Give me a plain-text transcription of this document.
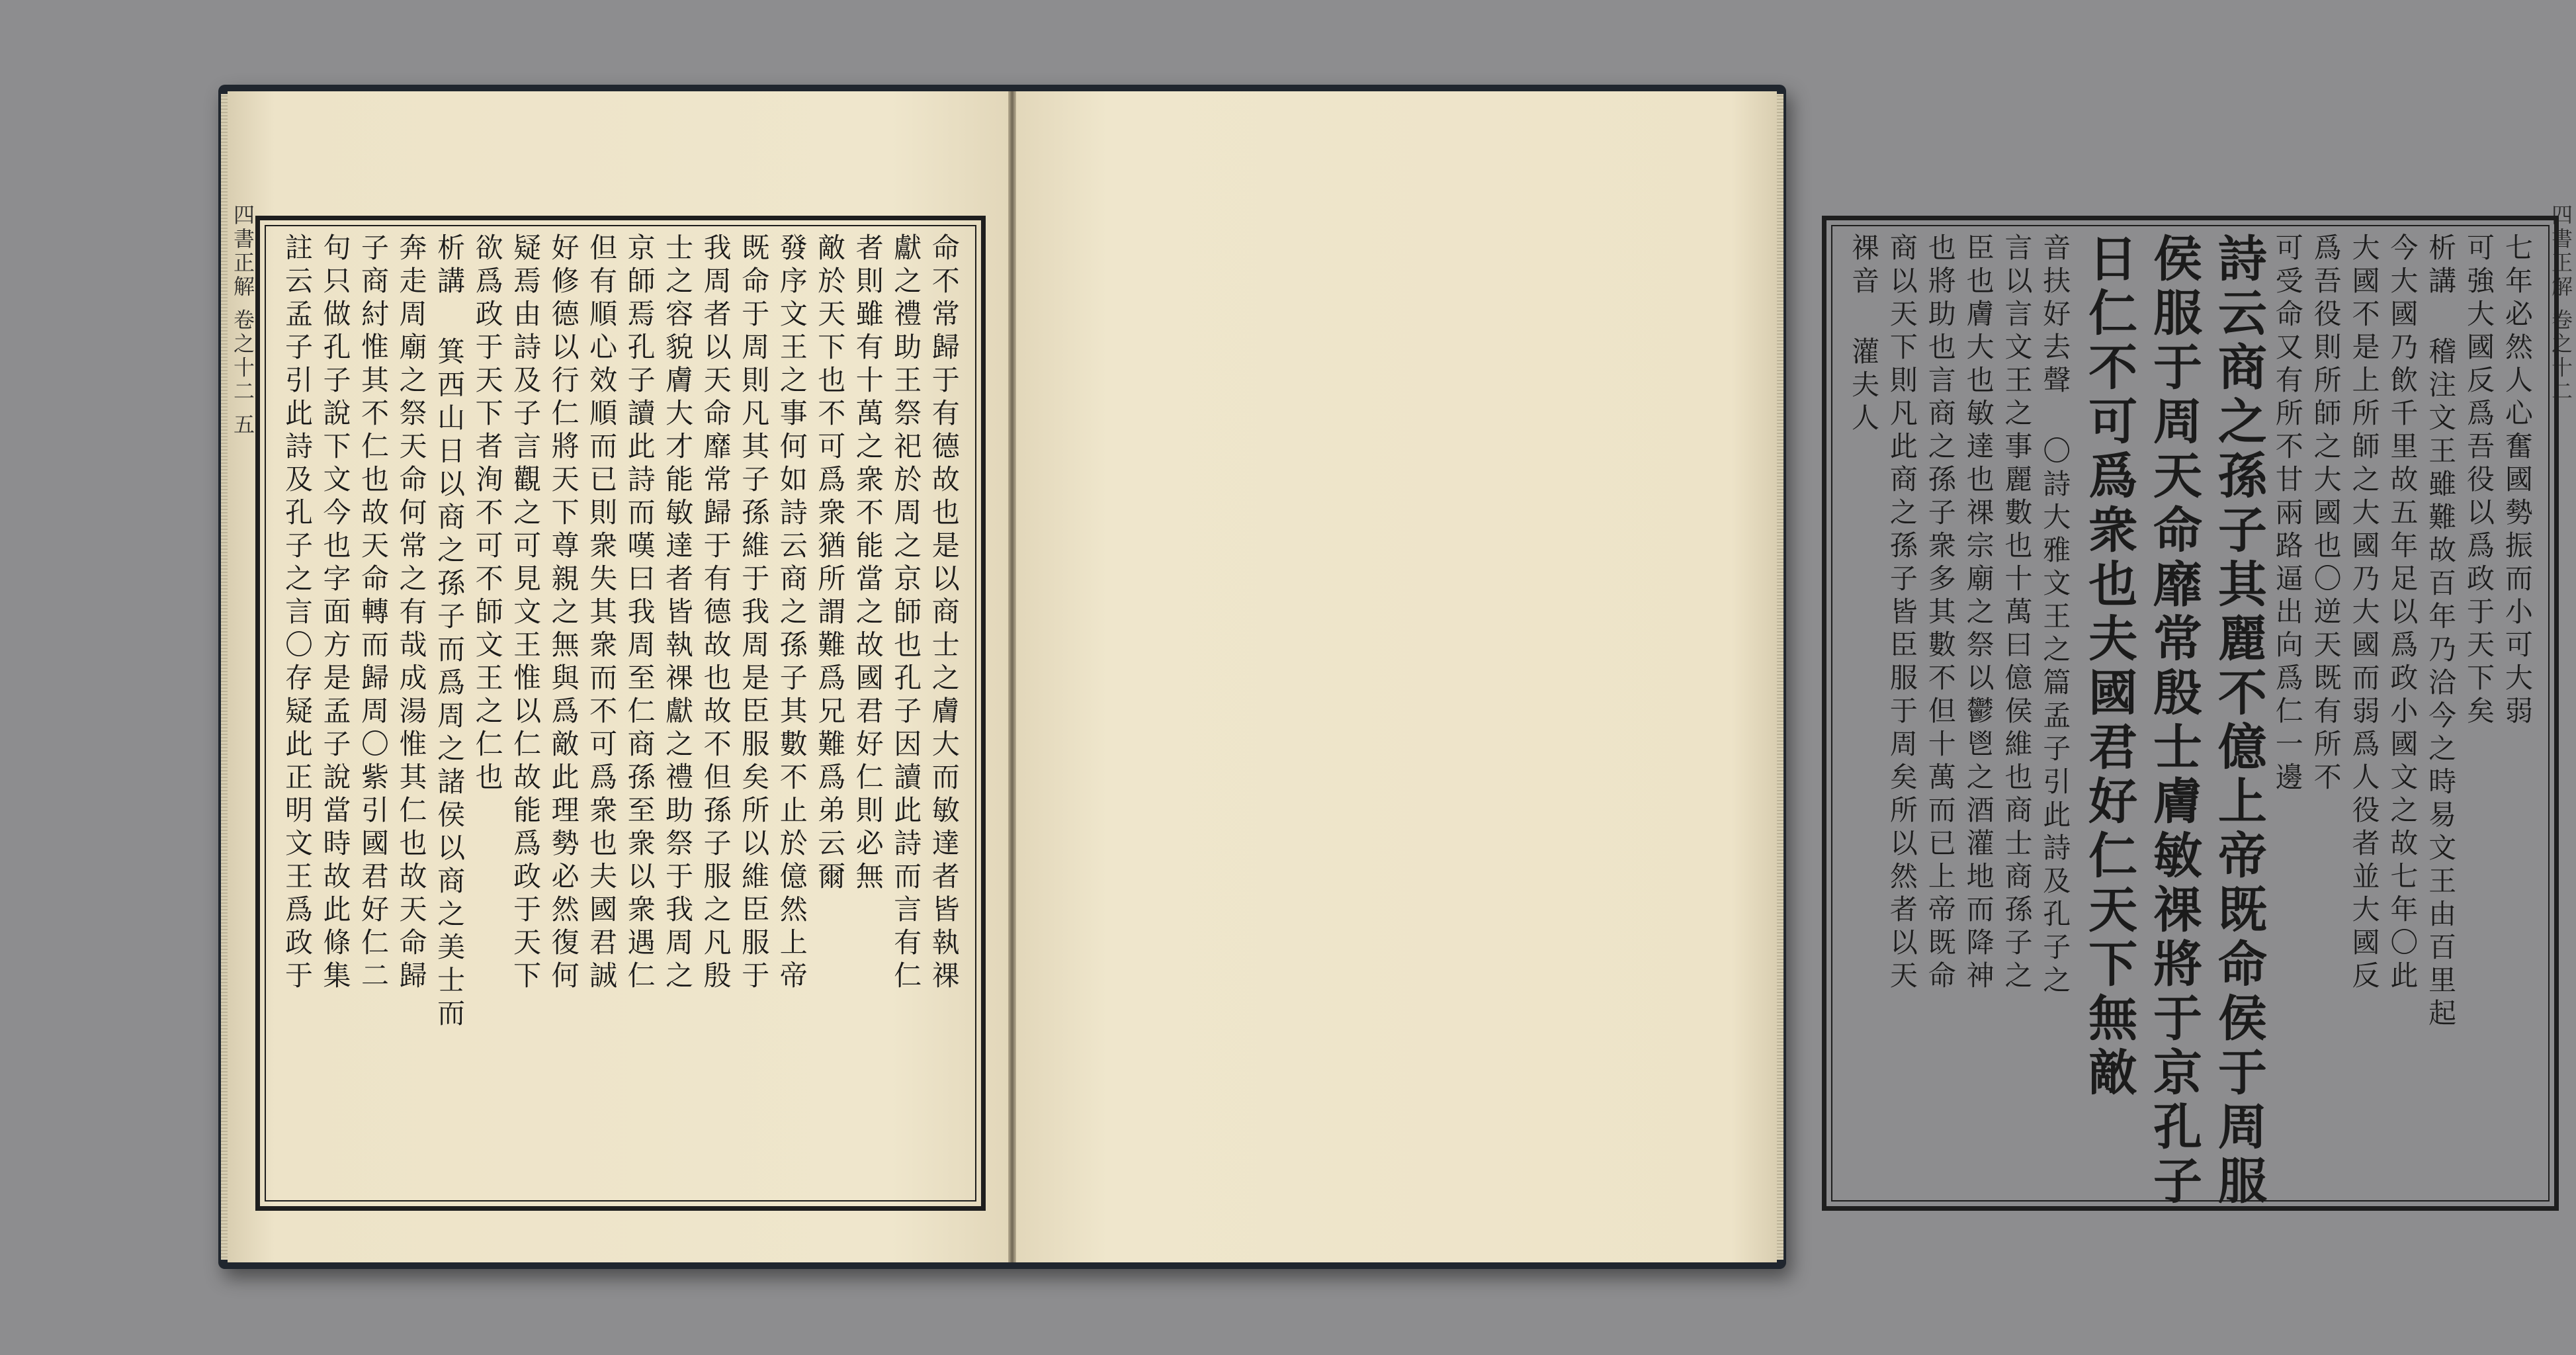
四書正解 卷之十二 五	命不常歸于有德故也是以商士之膚大而敏達者皆執祼
獻之禮助王祭祀於周之京師也孔子因讀此詩而言有仁
者則雖有十萬之衆不能當之故國君好仁則必無
敵於天下也不可爲衆猶所謂難爲兄難爲弟云爾
發序文王之事何如詩云商之孫子其數不止於億然上帝
既命于周則凡其子孫維于我周是臣服矣所以維臣服于
我周者以天命靡常歸于有德故也故不但孫子服之凡殷
士之容貌膚大才能敏達者皆執祼獻之禮助祭于我周之
京師焉孔子讀此詩而嘆曰我周至仁商孫至衆以衆遇仁
但有順心效順而已則衆失其衆而不可爲衆也夫國君誠
好修德以行仁將天下尊親之無與爲敵此理勢必然復何
疑焉由詩及子言觀之可見文王惟以仁故能爲政于天下
欲爲政于天下者洵不可不師文王之仁也
析講 箕西山日以商之孫子而爲周之諸侯以商之美士而
奔走周廟之祭天命何常之有哉成湯惟其仁也故天命歸
子商紂惟其不仁也故天命轉而歸周〇紫引國君好仁二
句只做孔子說下文今也字面方是孟子說當時故此條集
註云孟子引此詩及孔子之言〇存疑此正明文王爲政于	四書正解 卷之十二
七年必然人心奮國勢振而小可大弱
可強大國反爲吾役以爲政于天下矣
析講 稽注文王雖難故百年乃洽今之時易文王由百里起
今大國乃飲千里故五年足以爲政小國文之故七年〇此
大國不是上所師之大國乃大國而弱爲人役者並大國反
爲吾役則所師之大國也〇逆天既有所不
可受命又有所不甘兩路逼出向爲仁一邊
詩云商之孫子其麗不億上帝既命侯于周服
侯服于周天命靡常殷士膚敏祼將于京孔子
日仁不可爲衆也夫國君好仁天下無敵
音扶好去聲 〇詩大雅文王之篇孟子引此詩及孔子之
言以言文王之事麗數也十萬曰億侯維也商士商孫子之
臣也膚大也敏達也祼宗廟之祭以鬱鬯之酒灌地而降神
也將助也言商之孫子衆多其數不但十萬而已上帝既命
商以天下則凡此商之孫子皆臣服于周矣所以然者以天
祼音 灌夫人
